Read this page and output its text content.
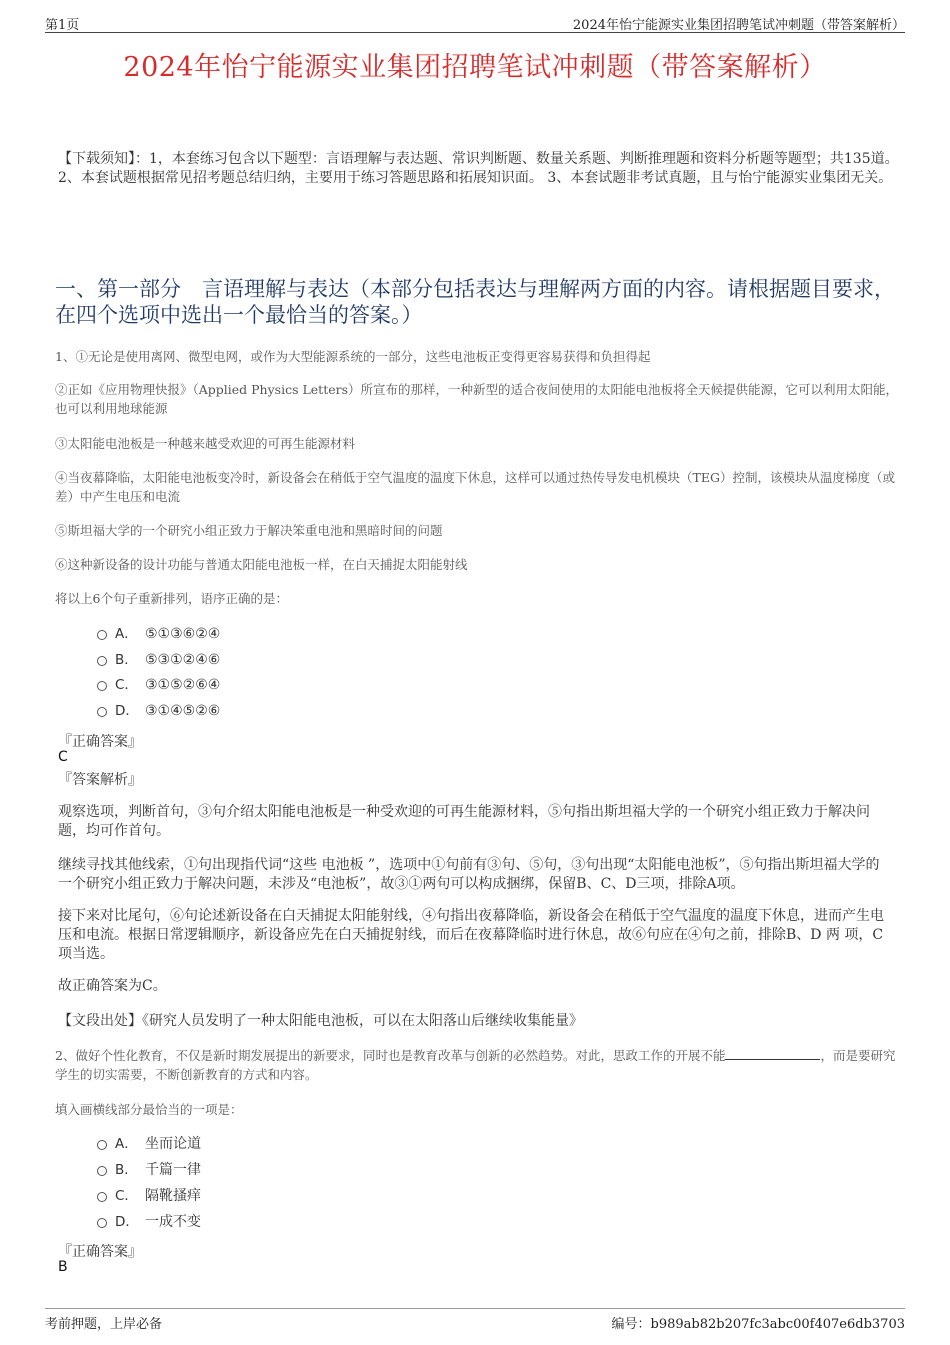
第1页	2024年怡宁能源实业集团招聘笔试冲刺题（带答案解析）
2024年怡宁能源实业集团招聘笔试冲刺题（带答案解析）
【下载须知】：1，本套练习包含以下题型：言语理解与表达题、常识判断题、数量关系题、判断推理题和资料分析题等题型；共135道。 2、本套试题根据常见招考题总结归纳，主要用于练习答题思路和拓展知识面。 3、本套试题非考试真题，且与怡宁能源实业集团无关。
一、第一部分　言语理解与表达（本部分包括表达与理解两方面的内容。请根据题目要求，在四个选项中选出一个最恰当的答案。）
1、①无论是使用离网、微型电网，或作为大型能源系统的一部分，这些电池板正变得更容易获得和负担得起
②正如《应用物理快报》（Applied Physics Letters）所宣布的那样，一种新型的适合夜间使用的太阳能电池板将全天候提供能源，它可以利用太阳能，也可以利用地球能源
③太阳能电池板是一种越来越受欢迎的可再生能源材料
④当夜幕降临，太阳能电池板变冷时，新设备会在稍低于空气温度的温度下休息，这样可以通过热传导发电机模块（TEG）控制，该模块从温度梯度（或差）中产生电压和电流
⑤斯坦福大学的一个研究小组正致力于解决笨重电池和黑暗时间的问题
⑥这种新设备的设计功能与普通太阳能电池板一样，在白天捕捉太阳能射线
将以上6个句子重新排列，语序正确的是：
A． ⑤①③⑥②④
B． ⑤③①②④⑥
C． ③①⑤②⑥④
D． ③①④⑤②⑥
『正确答案』
C
『答案解析』
观察选项，判断首句，③句介绍太阳能电池板是一种受欢迎的可再生能源材料，⑤句指出斯坦福大学的一个研究小组正致力于解决问题，均可作首句。
继续寻找其他线索，①句出现指代词“这些 电池板 ”，选项中①句前有③句、⑤句，③句出现“太阳能电池板”，⑤句指出斯坦福大学的一个研究小组正致力于解决问题，未涉及“电池板”，故③①两句可以构成捆绑，保留B、C、D三项，排除A项。
接下来对比尾句，⑥句论述新设备在白天捕捉太阳能射线，④句指出夜幕降临，新设备会在稍低于空气温度的温度下休息，进而产生电压和电流。根据日常逻辑顺序，新设备应先在白天捕捉射线，而后在夜幕降临时进行休息，故⑥句应在④句之前，排除B、D 两 项，C项当选。
故正确答案为C。
【文段出处】《研究人员发明了一种太阳能电池板，可以在太阳落山后继续收集能量》
2、做好个性化教育，不仅是新时期发展提出的新要求，同时也是教育改革与创新的必然趋势。对此，思政工作的开展不能	，而是要研究学生的切实需要，不断创新教育的方式和内容。
填入画横线部分最恰当的一项是：
A． 坐而论道
B． 千篇一律
C． 隔靴搔痒
D． 一成不变
『正确答案』
B
考前押题，上岸必备	编号：b989ab82b207fc3abc00f407e6db3703
